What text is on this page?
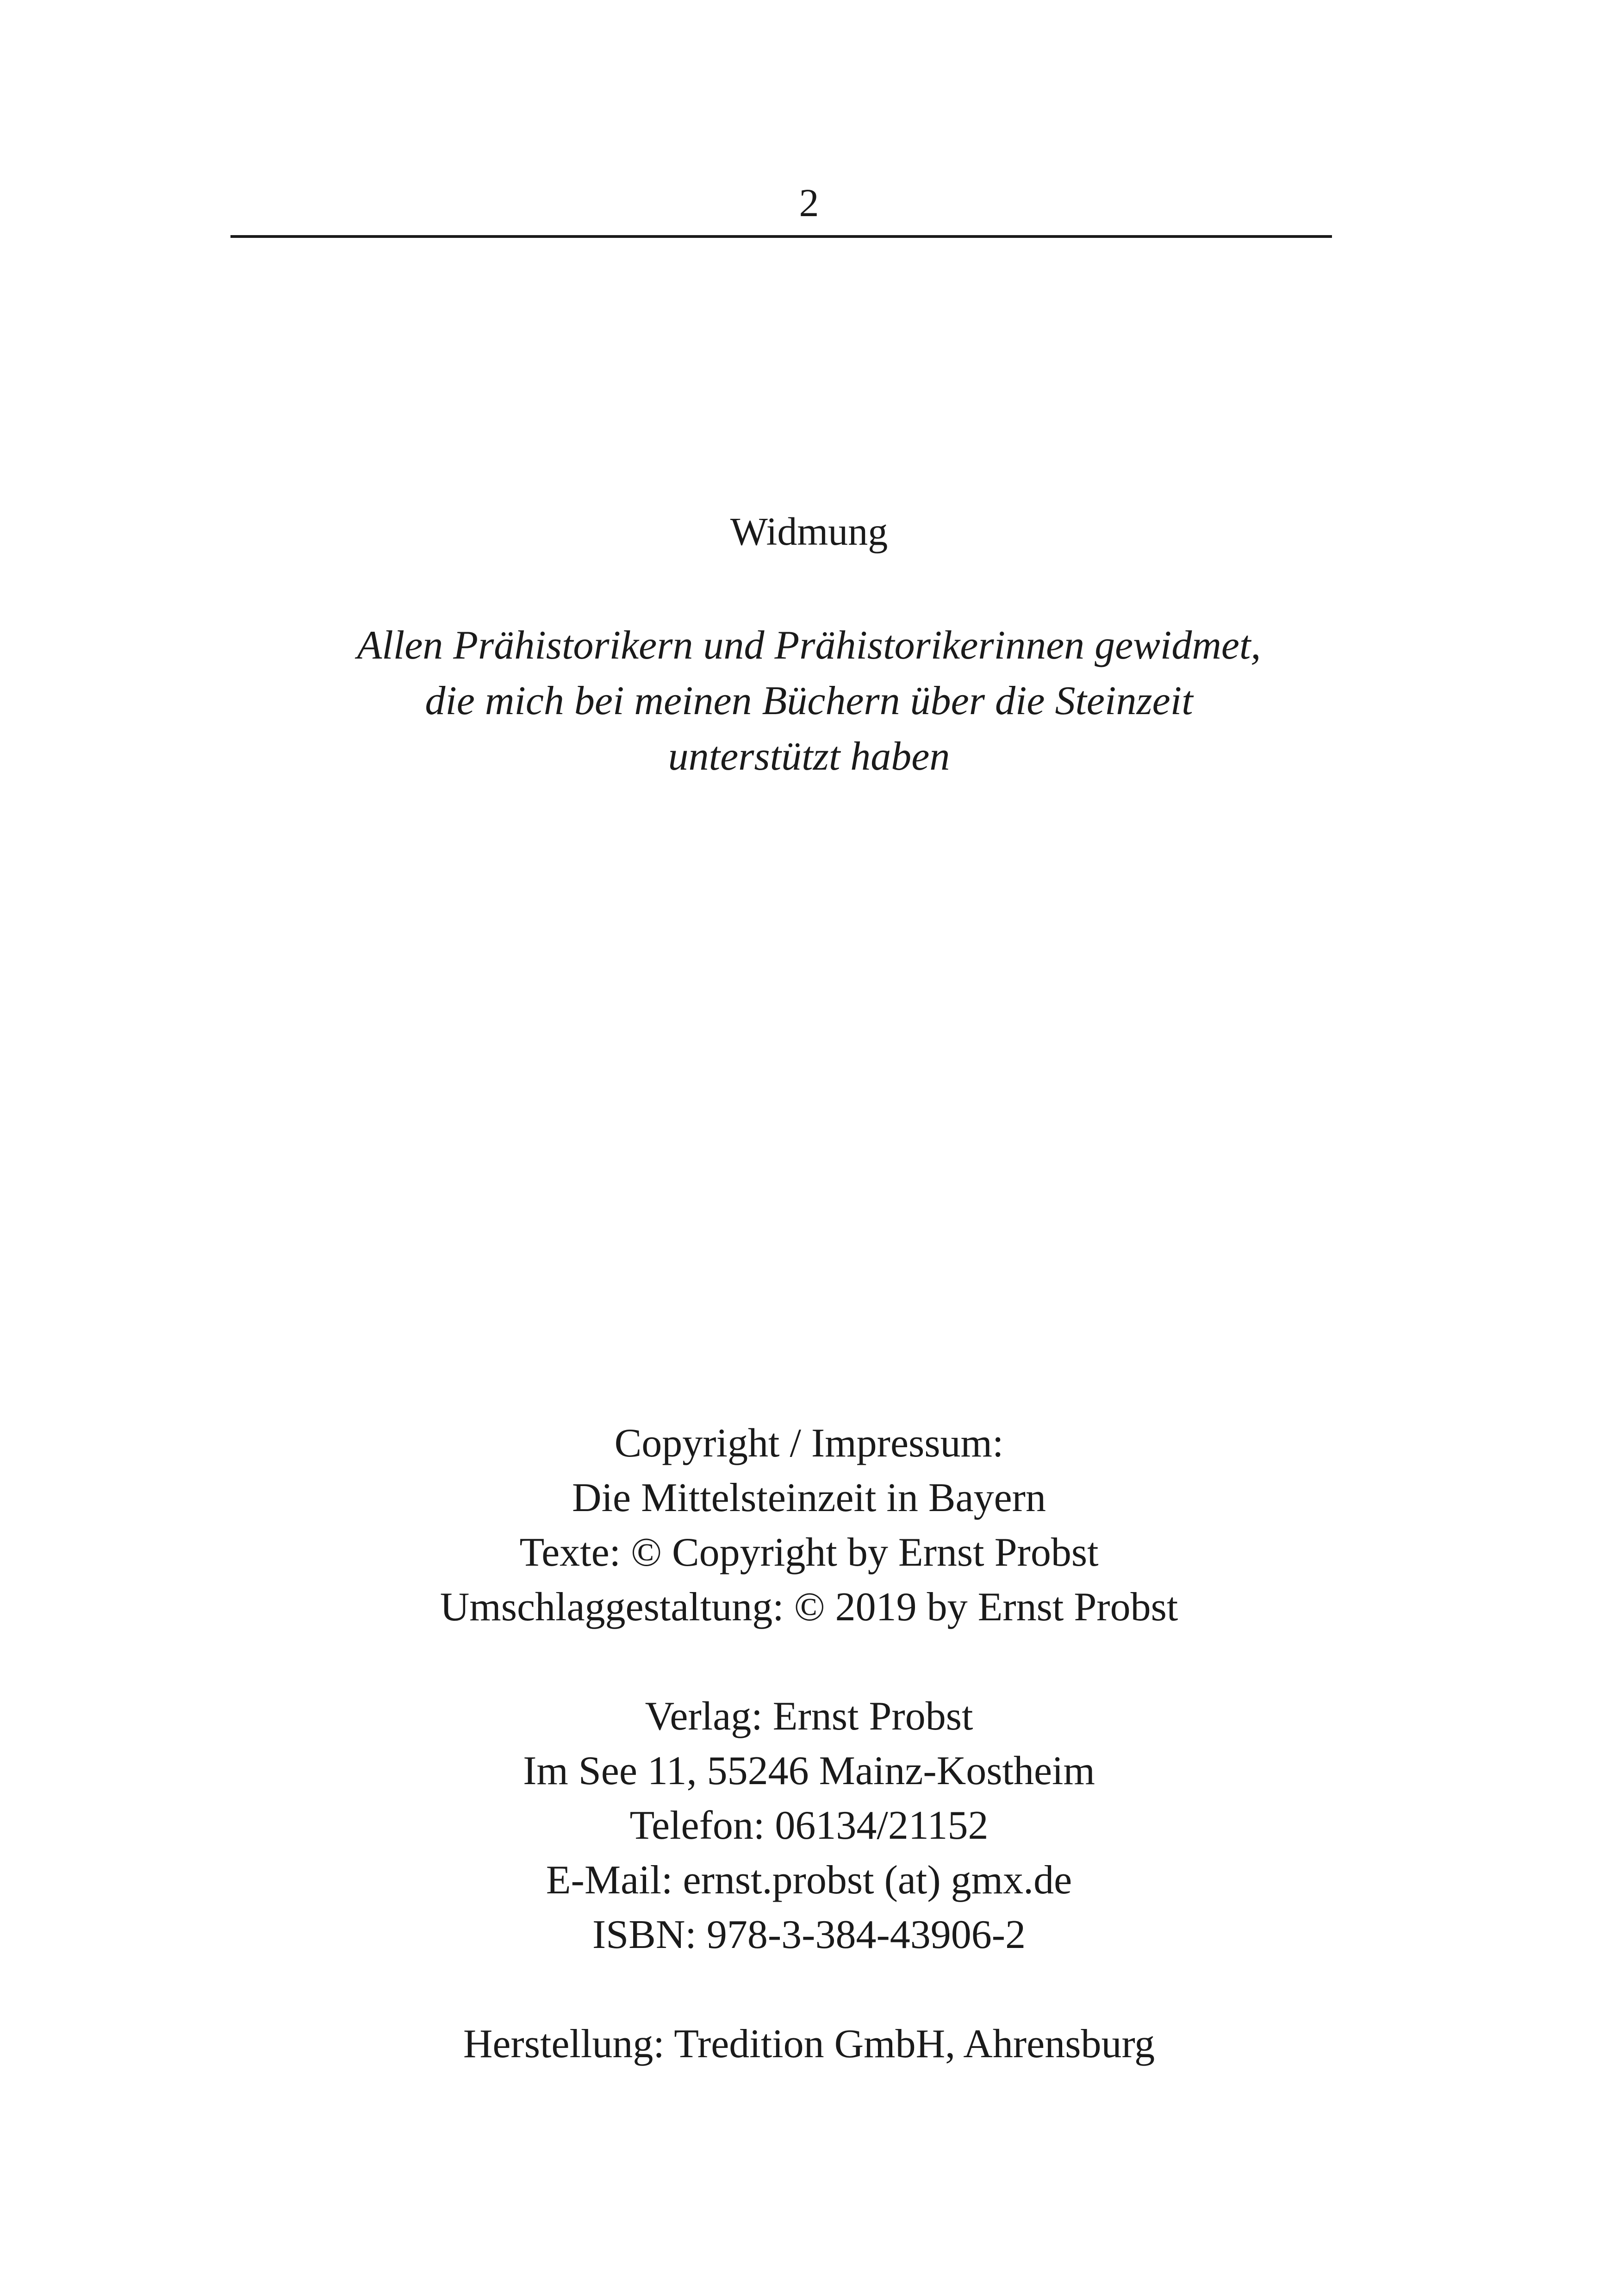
2
Widmung
Allen Prähistorikern und Prähistorikerinnen gewidmet,
die mich bei meinen Büchern über die Steinzeit
unterstützt haben
Copyright / Impressum:
Die Mittelsteinzeit in Bayern
Texte: © Copyright by Ernst Probst
Umschlaggestaltung: © 2019 by Ernst Probst
Verlag: Ernst Probst
Im See 11, 55246 Mainz-Kostheim
Telefon: 06134/21152
E-Mail: ernst.probst (at) gmx.de
ISBN: 978-3-384-43906-2
Herstellung: Tredition GmbH, Ahrensburg
